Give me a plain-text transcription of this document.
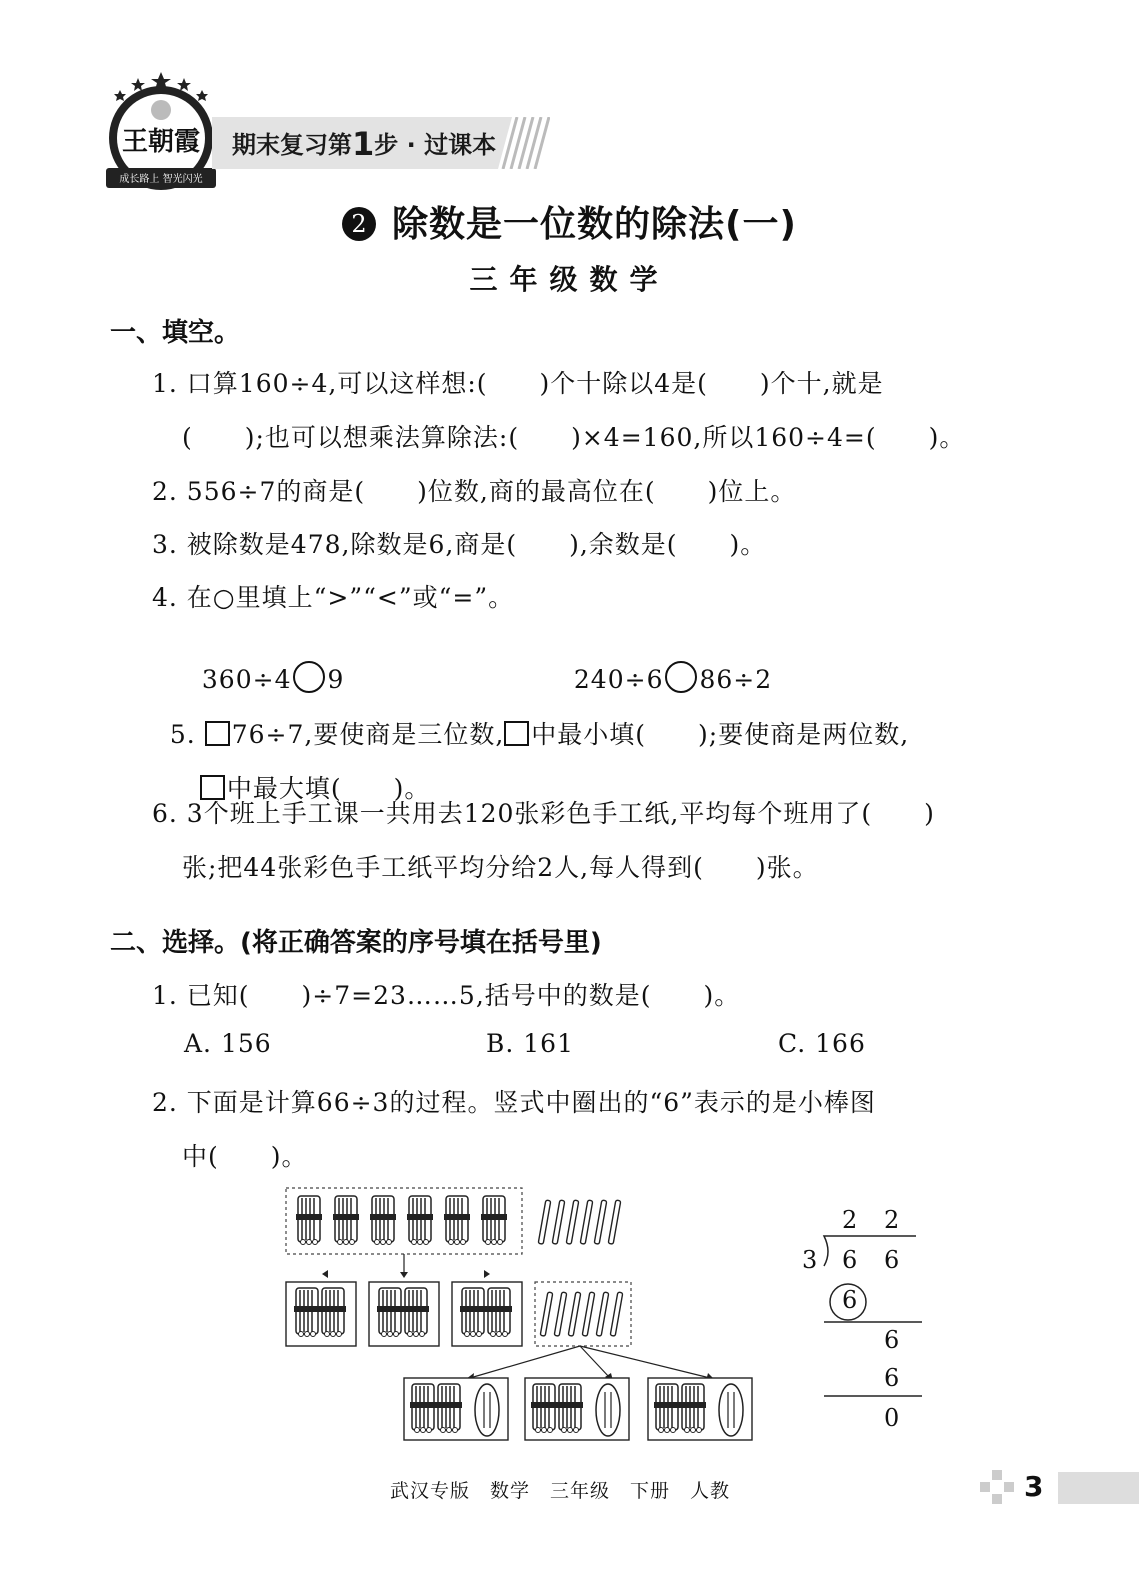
成长路上 智光闪光
王朝霞 期末复习第1步 · 过课本
2 除数是一位数的除法(一)
三年级数学
一、填空。
1. 口算160÷4,可以这样想:(　　)个十除以4是(　　)个十,就是
(　　);也可以想乘法算除法:(　　)×4=160,所以160÷4=(　　)。
2. 556÷7的商是(　　)位数,商的最高位在(　　)位上。
3. 被除数是478,除数是6,商是(　　),余数是(　　)。
4. 在○里填上“>”“<”或“=”。

360÷4 9	240÷6 86÷2

5. 76÷7,要使商是三位数, 中最小填(　　);要使商是两位数,

中最大填(　　)。

6. 3个班上手工课一共用去120张彩色手工纸,平均每个班用了(　　)
张;把44张彩色手工纸平均分给2人,每人得到(　　)张。
二、选择。(将正确答案的序号填在括号里)
1. 已知(　　)÷7=23……5,括号中的数是(　　)。

A. 156

	B. 161

	C. 166

2. 下面是计算66÷3的过程。竖式中圈出的“6”表示的是小棒图
中(　　)。
2 2
3 6 6
6
6
6
0
武汉专版　数学　三年级　下册　人教	3
